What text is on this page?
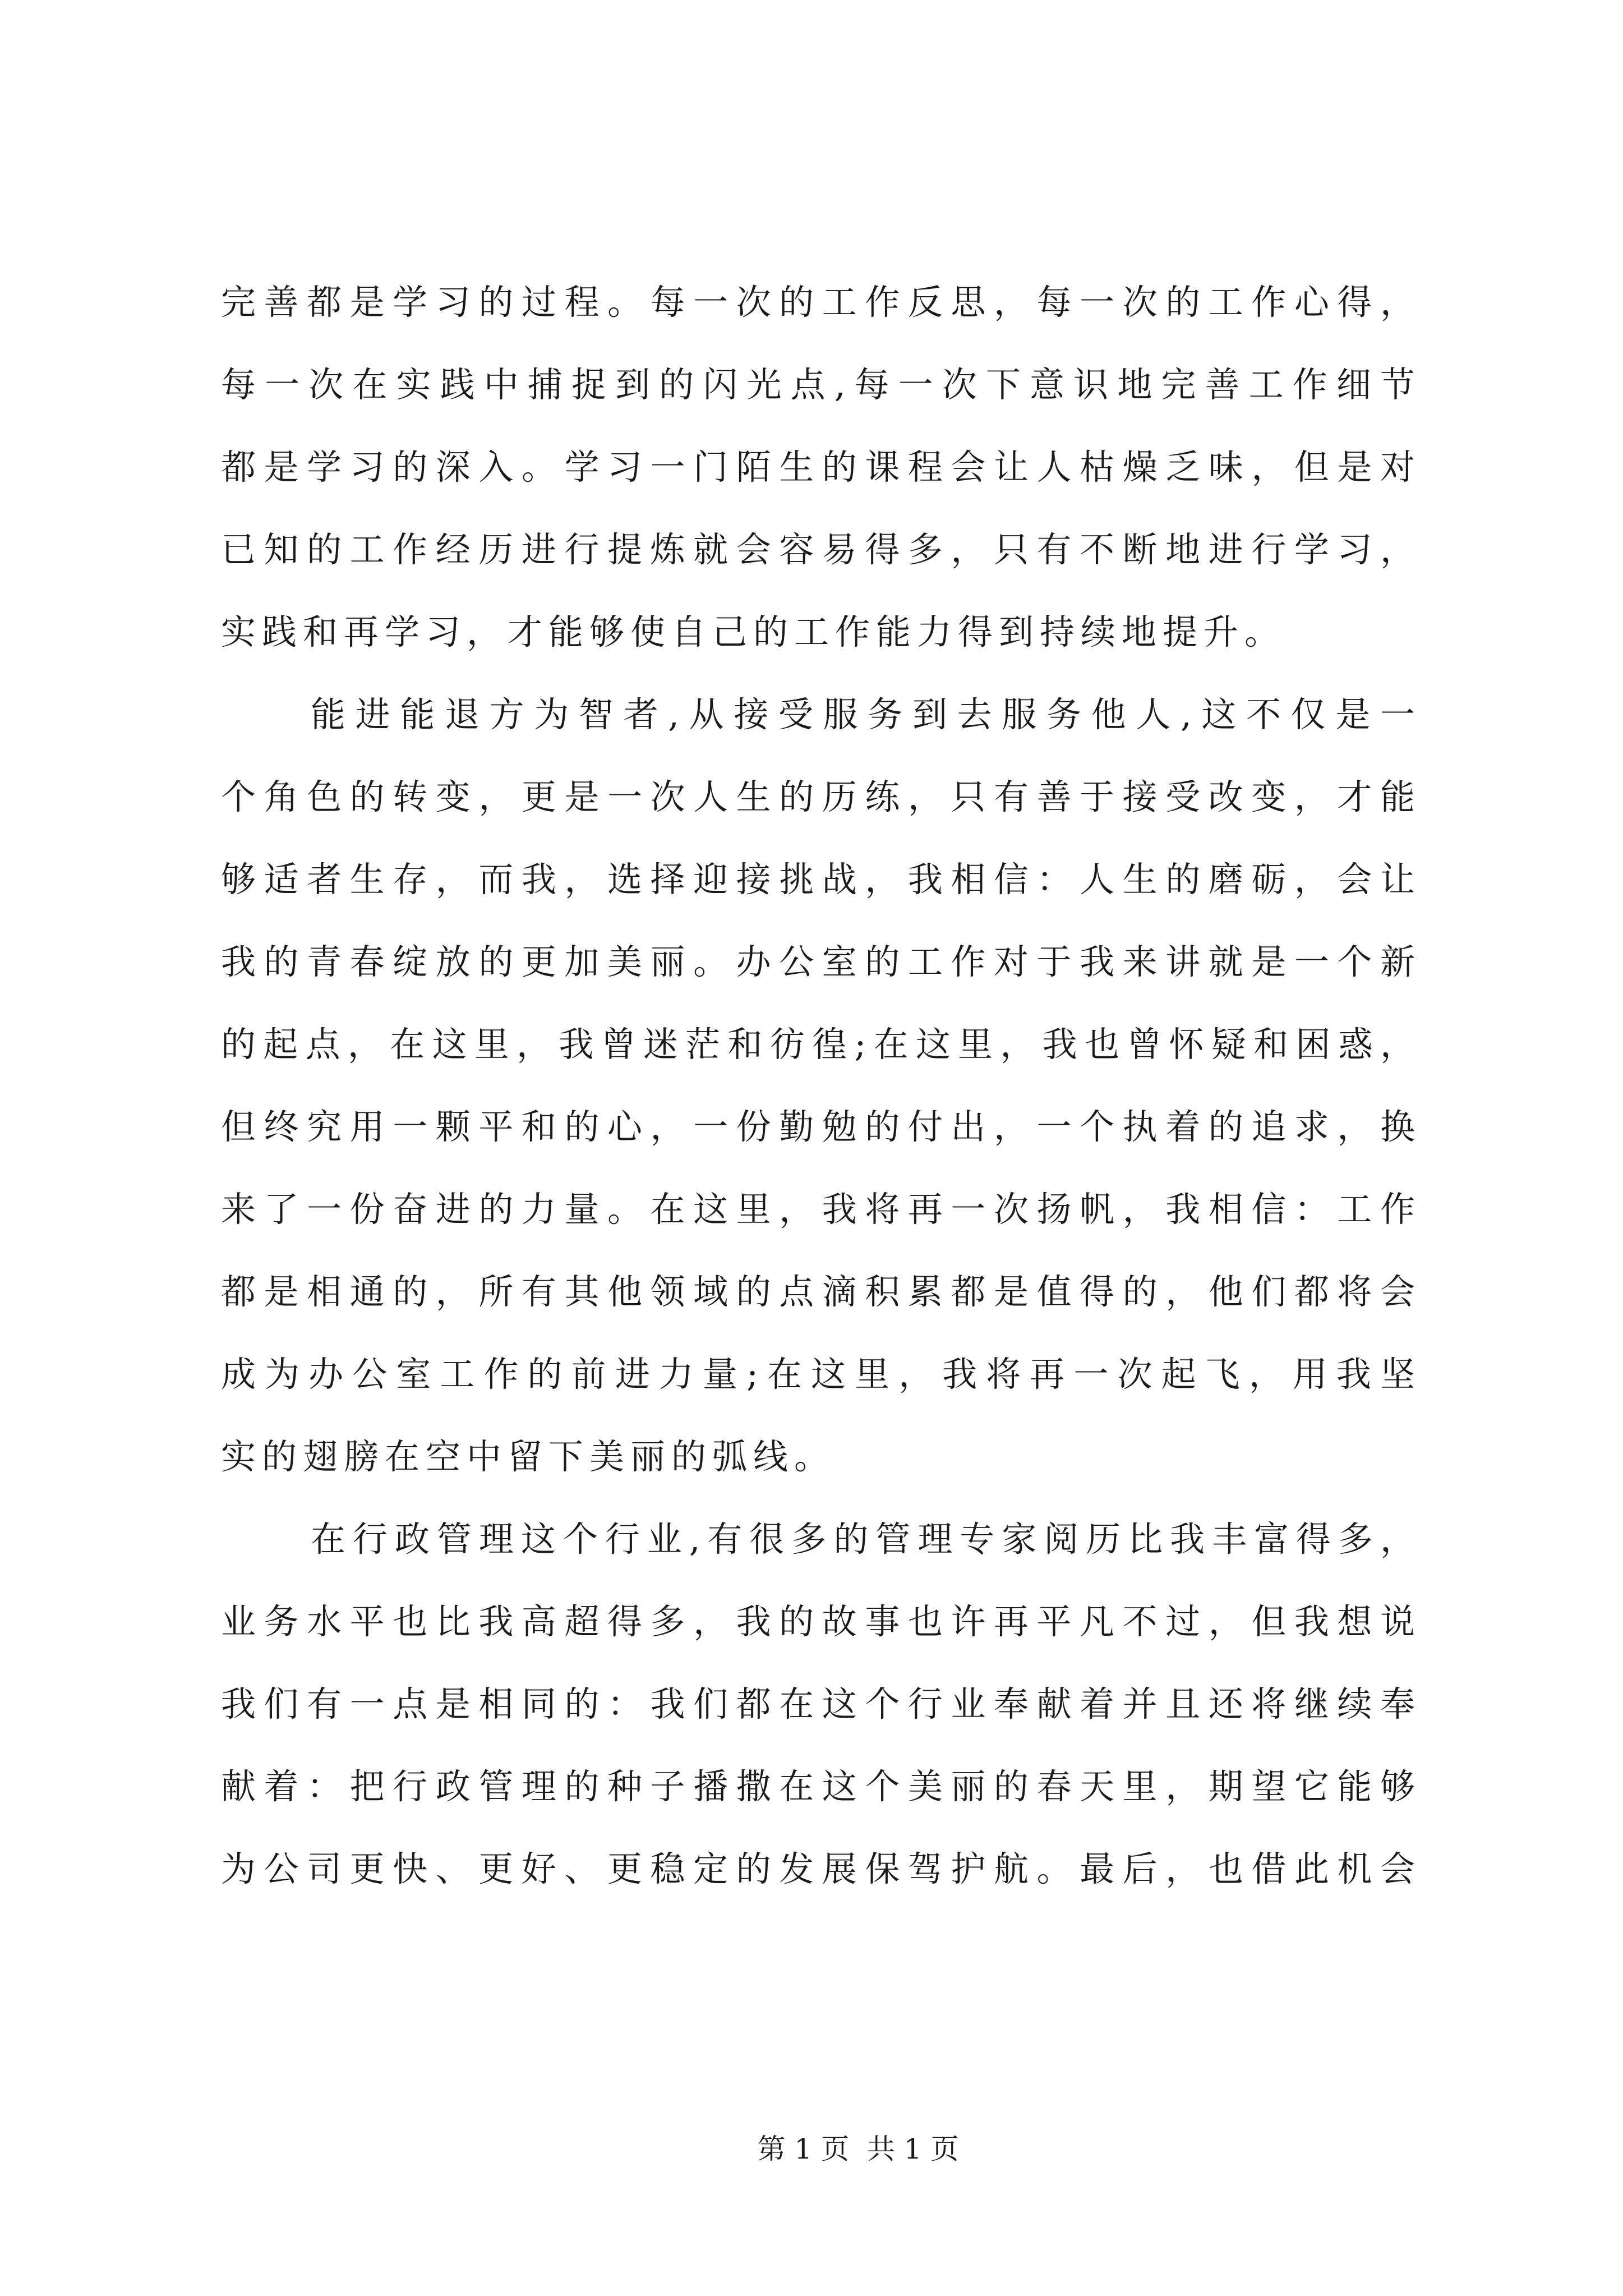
完善都是学习的过程。每一次的工作反思，每一次的工作心得，
每一次在实践中捕捉到的闪光点,每一次下意识地完善工作细节
都是学习的深入。学习一门陌生的课程会让人枯燥乏味，但是对
已知的工作经历进行提炼就会容易得多，只有不断地进行学习，
实践和再学习，才能够使自己的工作能力得到持续地提升。
能进能退方为智者,从接受服务到去服务他人,这不仅是一
个角色的转变，更是一次人生的历练，只有善于接受改变，才能
够适者生存，而我，选择迎接挑战，我相信：人生的磨砺，会让
我的青春绽放的更加美丽。办公室的工作对于我来讲就是一个新
的起点，在这里，我曾迷茫和彷徨;在这里，我也曾怀疑和困惑，
但终究用一颗平和的心，一份勤勉的付出，一个执着的追求，换
来了一份奋进的力量。在这里，我将再一次扬帆，我相信：工作
都是相通的，所有其他领域的点滴积累都是值得的，他们都将会
成为办公室工作的前进力量;在这里，我将再一次起飞，用我坚
实的翅膀在空中留下美丽的弧线。
在行政管理这个行业,有很多的管理专家阅历比我丰富得多，
业务水平也比我高超得多，我的故事也许再平凡不过，但我想说
我们有一点是相同的：我们都在这个行业奉献着并且还将继续奉
献着：把行政管理的种子播撒在这个美丽的春天里，期望它能够
为公司更快、更好、更稳定的发展保驾护航。最后，也借此机会
第 1 页  共 1 页
